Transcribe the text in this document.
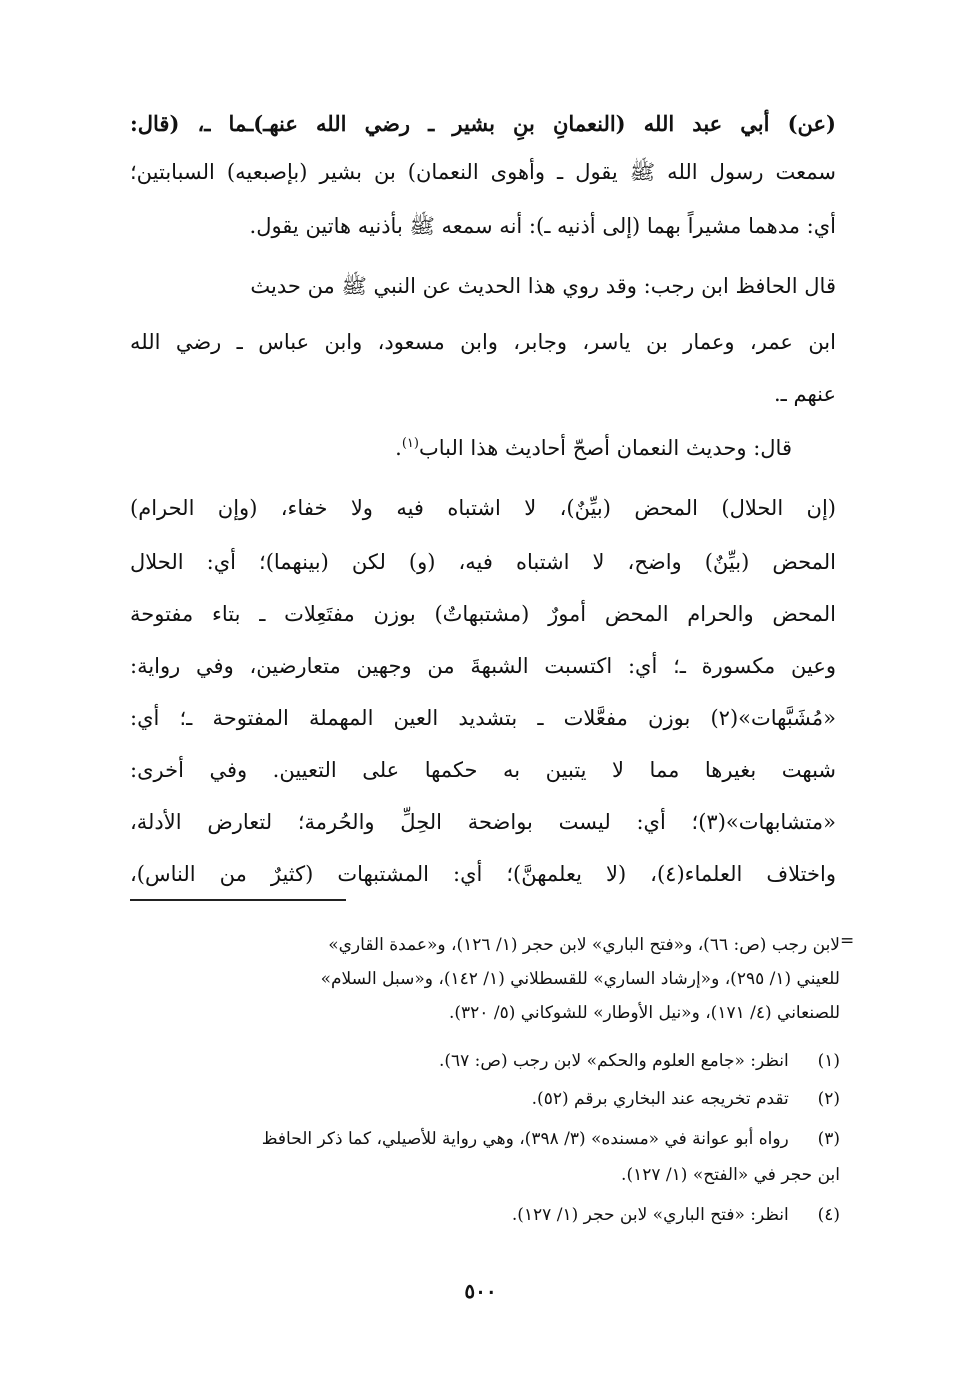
(عن) أبي عبد الله (النعمانِ بنِ بشير ـ رضي الله عنهـ)ـما ـ، (قال:
سمعت رسول الله ﷺ يقول ـ وأهوى النعمان) بن بشير (بإصبعيه) السبابتين؛
أي: مدهما مشيراً بهما (إلى أذنيه ـ): أنه سمعه ﷺ بأذنيه هاتين يقول.
قال الحافظ ابن رجب: وقد روي هذا الحديث عن النبي ﷺ من حديث
ابن عمر، وعمار بن ياسر، وجابر، وابن مسعود، وابن عباس ـ رضي الله
عنهم ـ.
قال: وحديث النعمان أصحّ أحاديث هذا الباب$^{(١)}$.
(إن الحلال) المحض (بيِّنٌ)، لا اشتباه فيه ولا خفاء، (وإن الحرام)
المحض (بيِّنٌ) واضح، لا اشتباه فيه، (و) لكن (بينهما)؛ أي: الحلال
المحض والحرام المحض أمورٌ (مشتبهاتٌ) بوزن مفتَعِلات ـ بتاء مفتوحة
وعين مكسورة ـ؛ أي: اكتسبت الشبهةَ من وجهين متعارضين، وفي رواية:
«مُشَبَّهات»(٢) بوزن مفعَّلات ـ بتشديد العين المهملة المفتوحة ـ؛ أي:
شبهت بغيرها مما لا يتبين به حكمها على التعيين. وفي أخرى:
«متشابهات»(٣)؛ أي: ليست بواضحة الحِلِّ والحُرمة؛ لتعارض الأدلة،
واختلاف العلماء(٤)، (لا يعلمهنَّ)؛ أي: المشتبهات (كثيرٌ من الناس)،
=
لابن رجب (ص: ٦٦)، و«فتح الباري» لابن حجر (١/ ١٢٦)، و«عمدة القاري»
للعيني (١/ ٢٩٥)، و«إرشاد الساري» للقسطلاني (١/ ١٤٢)، و«سبل السلام»
للصنعاني (٤/ ١٧١)، و«نيل الأوطار» للشوكاني (٥/ ٣٢٠).
(١)  انظر: «جامع العلوم والحكم» لابن رجب (ص: ٦٧).
(٢)  تقدم تخريجه عند البخاري برقم (٥٢).
(٣)  رواه أبو عوانة في «مسنده» (٣/ ٣٩٨)، وهي رواية للأصيلي، كما ذكر الحافظ
ابن حجر في «الفتح» (١/ ١٢٧).
(٤)  انظر: «فتح الباري» لابن حجر (١/ ١٢٧).
٥٠٠
